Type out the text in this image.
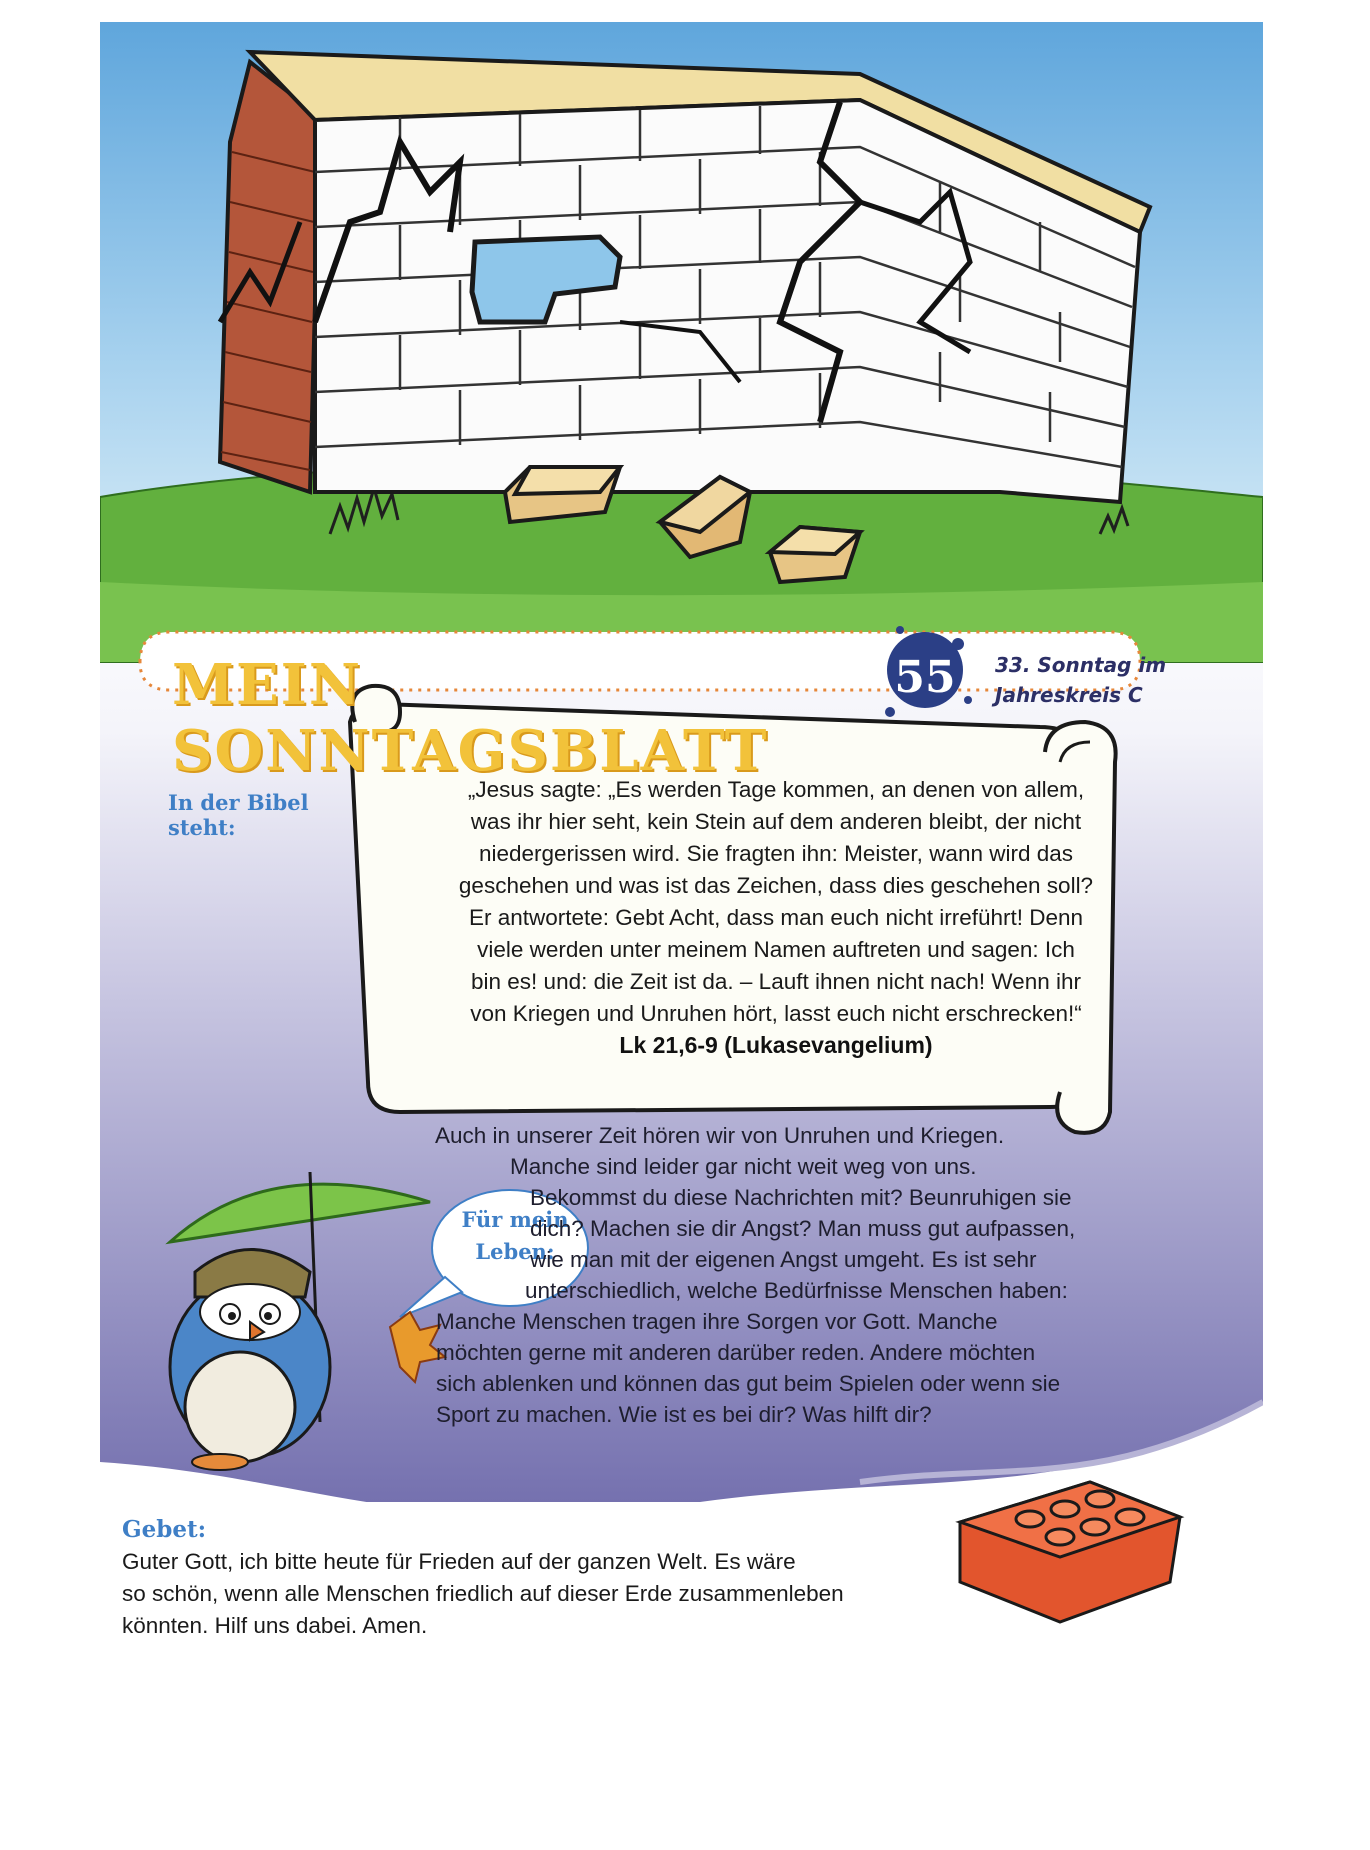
MEIN SONNTAGSBLATT
55 33. Sonntag im
Jahreskreis C
In der Bibel steht:
„Jesus sagte: „Es werden Tage kommen, an denen von allem,
was ihr hier seht, kein Stein auf dem anderen bleibt, der nicht
niedergerissen wird. Sie fragten ihn: Meister, wann wird das
geschehen und was ist das Zeichen, dass dies geschehen soll?
Er antwortete: Gebt Acht, dass man euch nicht irreführt! Denn
viele werden unter meinem Namen auftreten und sagen: Ich
bin es! und: die Zeit ist da. – Lauft ihnen nicht nach! Wenn ihr
von Kriegen und Unruhen hört, lasst euch nicht erschrecken!“
Lk 21,6-9 (Lukasevangelium)
Für mein
Leben:
Auch in unserer Zeit hören wir von Unruhen und Kriegen.
Manche sind leider gar nicht weit weg von uns.
Bekommst du diese Nachrichten mit? Beunruhigen sie
dich? Machen sie dir Angst? Man muss gut aufpassen,
wie man mit der eigenen Angst umgeht. Es ist sehr
unterschiedlich, welche Bedürfnisse Menschen haben:
Manche Menschen tragen ihre Sorgen vor Gott. Manche
möchten gerne mit anderen darüber reden. Andere möchten
sich ablenken und können das gut beim Spielen oder wenn sie
Sport zu machen. Wie ist es bei dir? Was hilft dir?
Gebet:
Guter Gott, ich bitte heute für Frieden auf der ganzen Welt. Es wäre
so schön, wenn alle Menschen friedlich auf dieser Erde zusammenleben
könnten. Hilf uns dabei. Amen.
